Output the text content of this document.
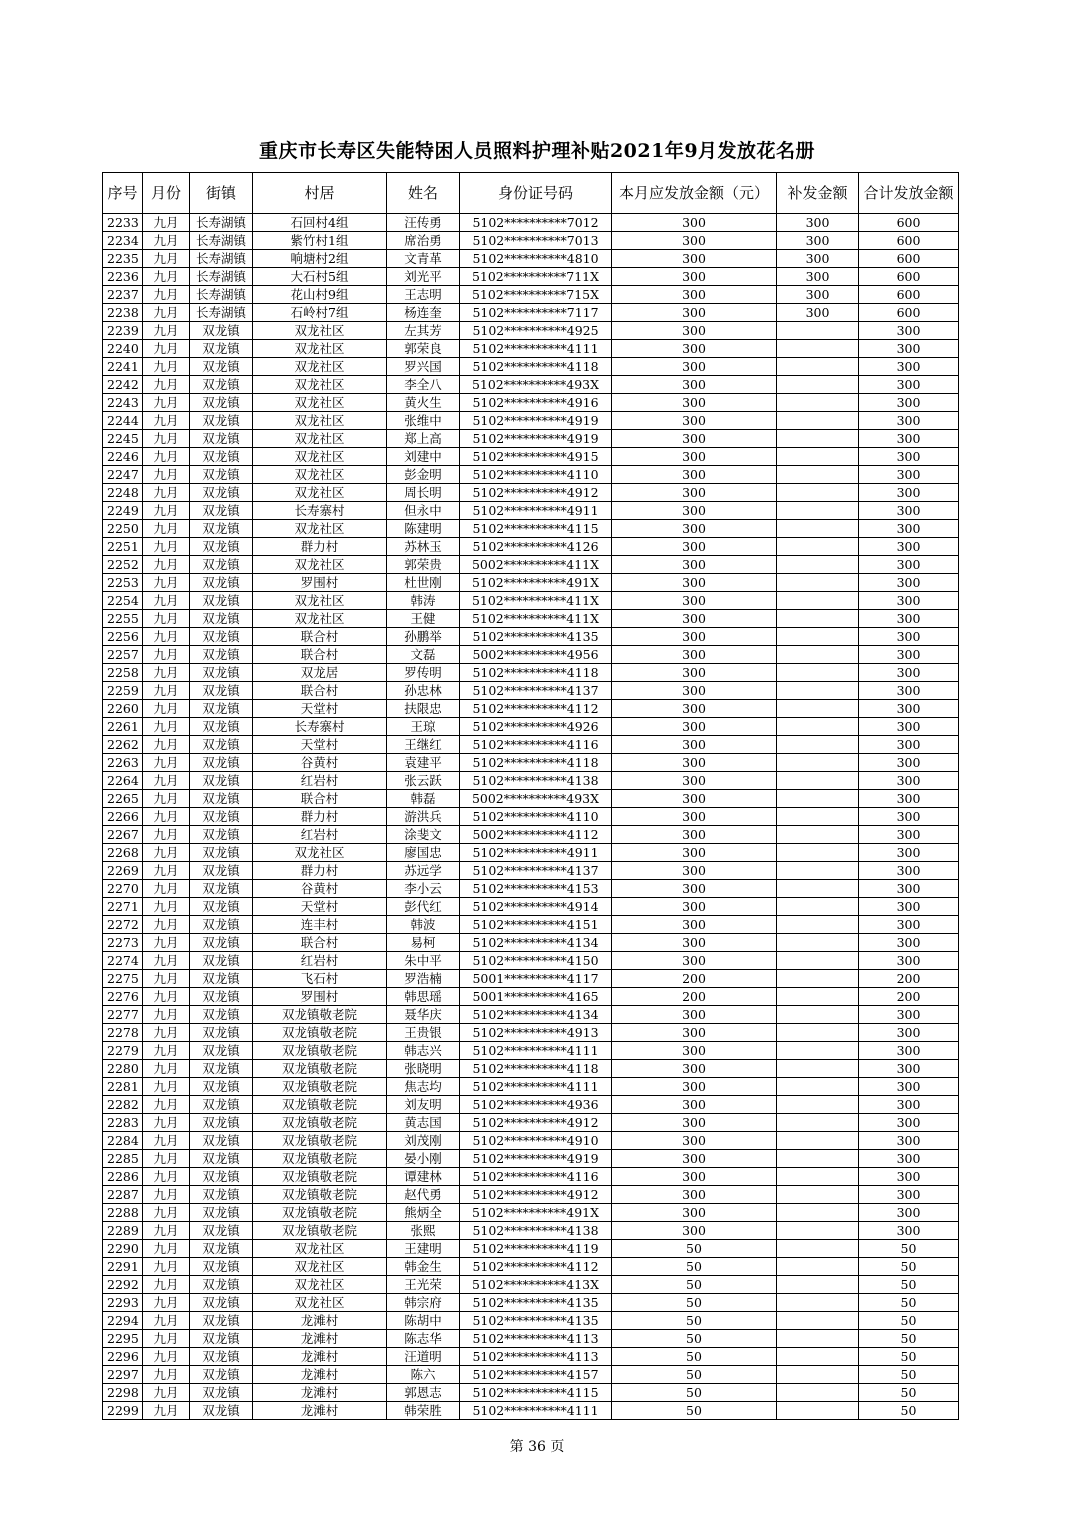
重庆市长寿区失能特困人员照料护理补贴2021年9月发放花名册
序号	月份	街镇	村居	姓名	身份证号码	本月应发放金额（元）	补发金额	合计发放金额
2233	九月	长寿湖镇	石回村4组	汪传勇	5102**********7012	300	300	600
2234	九月	长寿湖镇	紫竹村1组	席治勇	5102**********7013	300	300	600
2235	九月	长寿湖镇	响塘村2组	文青革	5102**********4810	300	300	600
2236	九月	长寿湖镇	大石村5组	刘光平	5102**********711X	300	300	600
2237	九月	长寿湖镇	花山村9组	王志明	5102**********715X	300	300	600
2238	九月	长寿湖镇	石岭村7组	杨连奎	5102**********7117	300	300	600
2239	九月	双龙镇	双龙社区	左其芳	5102**********4925	300		300
2240	九月	双龙镇	双龙社区	郭荣良	5102**********4111	300		300
2241	九月	双龙镇	双龙社区	罗兴国	5102**********4118	300		300
2242	九月	双龙镇	双龙社区	李全八	5102**********493X	300		300
2243	九月	双龙镇	双龙社区	黄火生	5102**********4916	300		300
2244	九月	双龙镇	双龙社区	张维中	5102**********4919	300		300
2245	九月	双龙镇	双龙社区	郑上高	5102**********4919	300		300
2246	九月	双龙镇	双龙社区	刘建中	5102**********4915	300		300
2247	九月	双龙镇	双龙社区	彭金明	5102**********4110	300		300
2248	九月	双龙镇	双龙社区	周长明	5102**********4912	300		300
2249	九月	双龙镇	长寿寨村	但永中	5102**********4911	300		300
2250	九月	双龙镇	双龙社区	陈建明	5102**********4115	300		300
2251	九月	双龙镇	群力村	苏林玉	5102**********4126	300		300
2252	九月	双龙镇	双龙社区	郭荣贵	5002**********411X	300		300
2253	九月	双龙镇	罗围村	杜世刚	5102**********491X	300		300
2254	九月	双龙镇	双龙社区	韩涛	5102**********411X	300		300
2255	九月	双龙镇	双龙社区	王健	5102**********411X	300		300
2256	九月	双龙镇	联合村	孙鹏举	5102**********4135	300		300
2257	九月	双龙镇	联合村	文磊	5002**********4956	300		300
2258	九月	双龙镇	双龙居	罗传明	5102**********4118	300		300
2259	九月	双龙镇	联合村	孙忠林	5102**********4137	300		300
2260	九月	双龙镇	天堂村	扶限忠	5102**********4112	300		300
2261	九月	双龙镇	长寿寨村	王琼	5102**********4926	300		300
2262	九月	双龙镇	天堂村	王继红	5102**********4116	300		300
2263	九月	双龙镇	谷黄村	袁建平	5102**********4118	300		300
2264	九月	双龙镇	红岩村	张云跃	5102**********4138	300		300
2265	九月	双龙镇	联合村	韩磊	5002**********493X	300		300
2266	九月	双龙镇	群力村	游洪兵	5102**********4110	300		300
2267	九月	双龙镇	红岩村	涂斐文	5002**********4112	300		300
2268	九月	双龙镇	双龙社区	廖国忠	5102**********4911	300		300
2269	九月	双龙镇	群力村	苏远学	5102**********4137	300		300
2270	九月	双龙镇	谷黄村	李小云	5102**********4153	300		300
2271	九月	双龙镇	天堂村	彭代红	5102**********4914	300		300
2272	九月	双龙镇	连丰村	韩波	5102**********4151	300		300
2273	九月	双龙镇	联合村	易柯	5102**********4134	300		300
2274	九月	双龙镇	红岩村	朱中平	5102**********4150	300		300
2275	九月	双龙镇	飞石村	罗浩楠	5001**********4117	200		200
2276	九月	双龙镇	罗围村	韩思瑶	5001**********4165	200		200
2277	九月	双龙镇	双龙镇敬老院	聂华庆	5102**********4134	300		300
2278	九月	双龙镇	双龙镇敬老院	王贵银	5102**********4913	300		300
2279	九月	双龙镇	双龙镇敬老院	韩志兴	5102**********4111	300		300
2280	九月	双龙镇	双龙镇敬老院	张晓明	5102**********4118	300		300
2281	九月	双龙镇	双龙镇敬老院	焦志均	5102**********4111	300		300
2282	九月	双龙镇	双龙镇敬老院	刘友明	5102**********4936	300		300
2283	九月	双龙镇	双龙镇敬老院	黄志国	5102**********4912	300		300
2284	九月	双龙镇	双龙镇敬老院	刘茂刚	5102**********4910	300		300
2285	九月	双龙镇	双龙镇敬老院	晏小刚	5102**********4919	300		300
2286	九月	双龙镇	双龙镇敬老院	谭建林	5102**********4116	300		300
2287	九月	双龙镇	双龙镇敬老院	赵代勇	5102**********4912	300		300
2288	九月	双龙镇	双龙镇敬老院	熊炳全	5102**********491X	300		300
2289	九月	双龙镇	双龙镇敬老院	张熙	5102**********4138	300		300
2290	九月	双龙镇	双龙社区	王建明	5102**********4119	50		50
2291	九月	双龙镇	双龙社区	韩金生	5102**********4112	50		50
2292	九月	双龙镇	双龙社区	王光荣	5102**********413X	50		50
2293	九月	双龙镇	双龙社区	韩宗府	5102**********4135	50		50
2294	九月	双龙镇	龙滩村	陈胡中	5102**********4135	50		50
2295	九月	双龙镇	龙滩村	陈志华	5102**********4113	50		50
2296	九月	双龙镇	龙滩村	汪道明	5102**********4113	50		50
2297	九月	双龙镇	龙滩村	陈六	5102**********4157	50		50
2298	九月	双龙镇	龙滩村	郭恩志	5102**********4115	50		50
2299	九月	双龙镇	龙滩村	韩荣胜	5102**********4111	50		50
第 36 页
